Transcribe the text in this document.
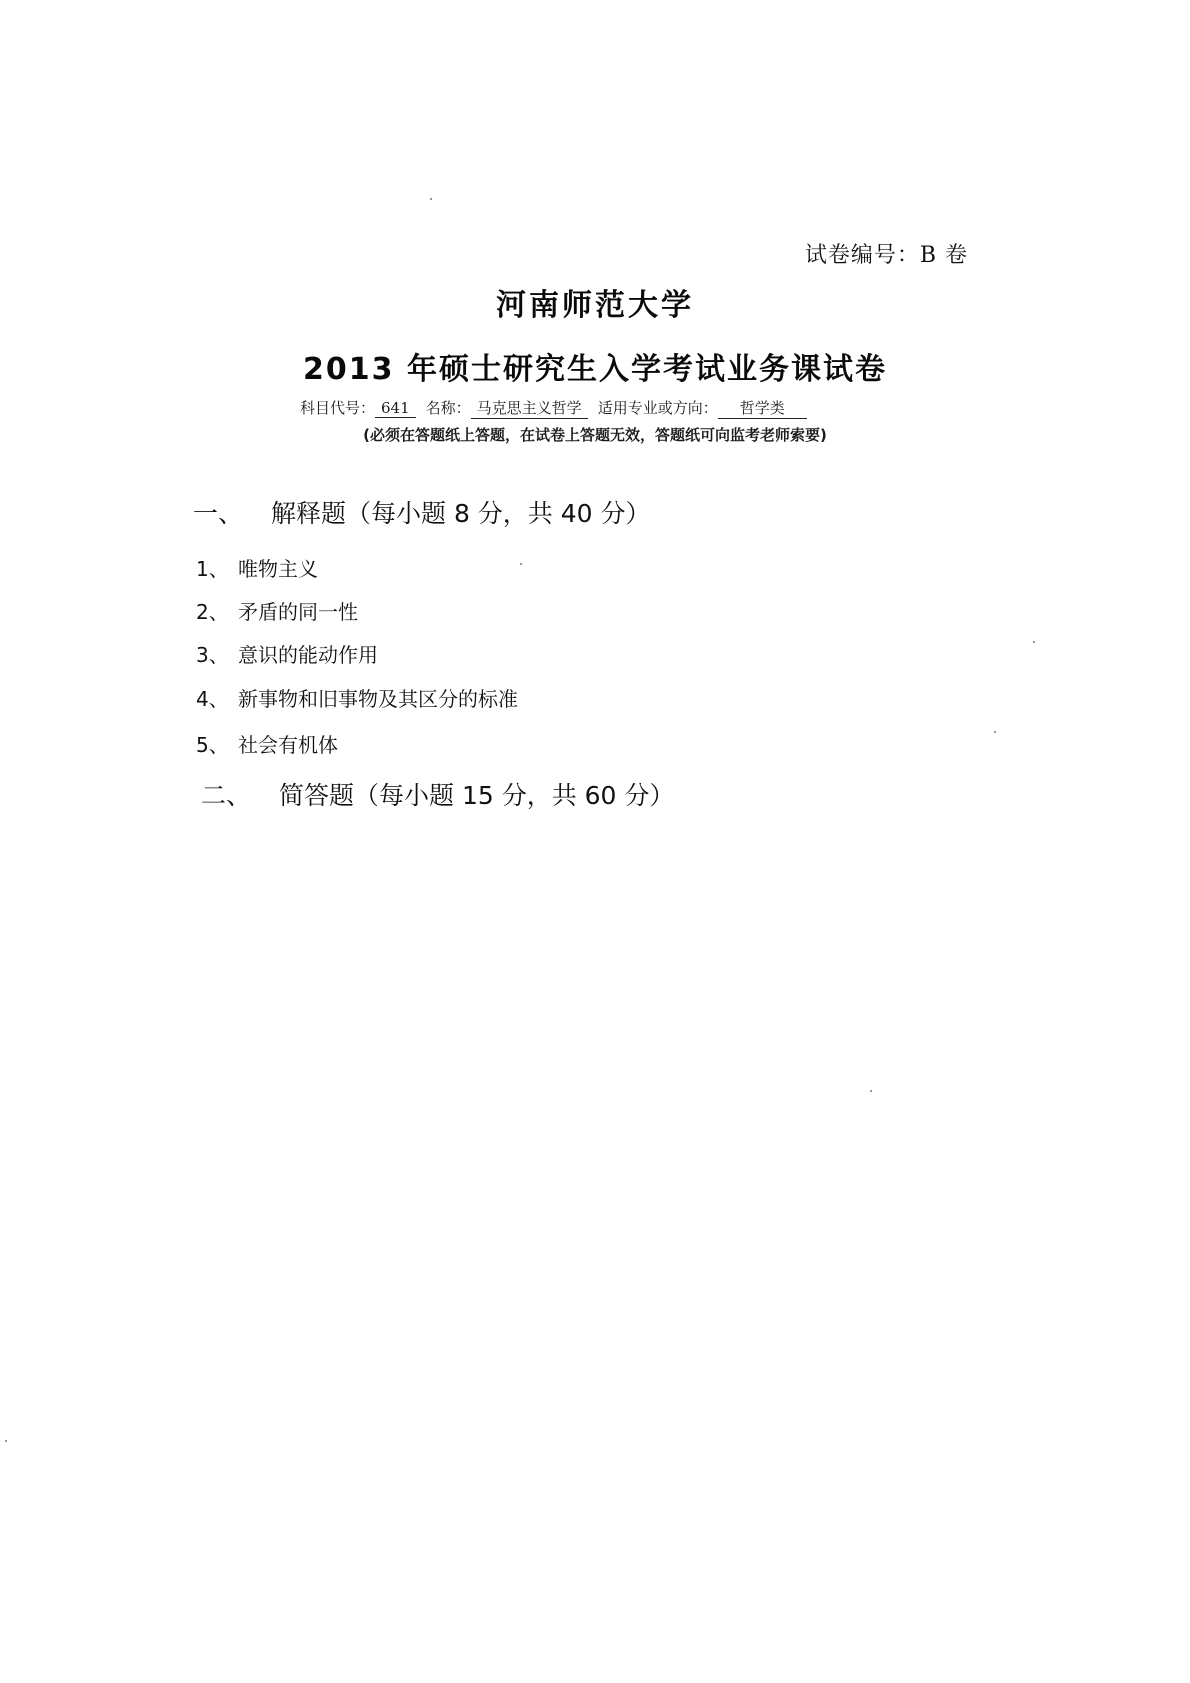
试卷编号：B 卷
河南师范大学
2013 年硕士研究生入学考试业务课试卷
科目代号： 641 名称： 马克思主义哲学 适用专业或方向： 哲学类
(必须在答题纸上答题，在试卷上答题无效，答题纸可向监考老师索要)
一、 解释题（每小题 8 分，共 40 分）
1、 唯物主义
2、 矛盾的同一性
3、 意识的能动作用
4、 新事物和旧事物及其区分的标准
5、 社会有机体
二、 简答题（每小题 15 分，共 60 分）
